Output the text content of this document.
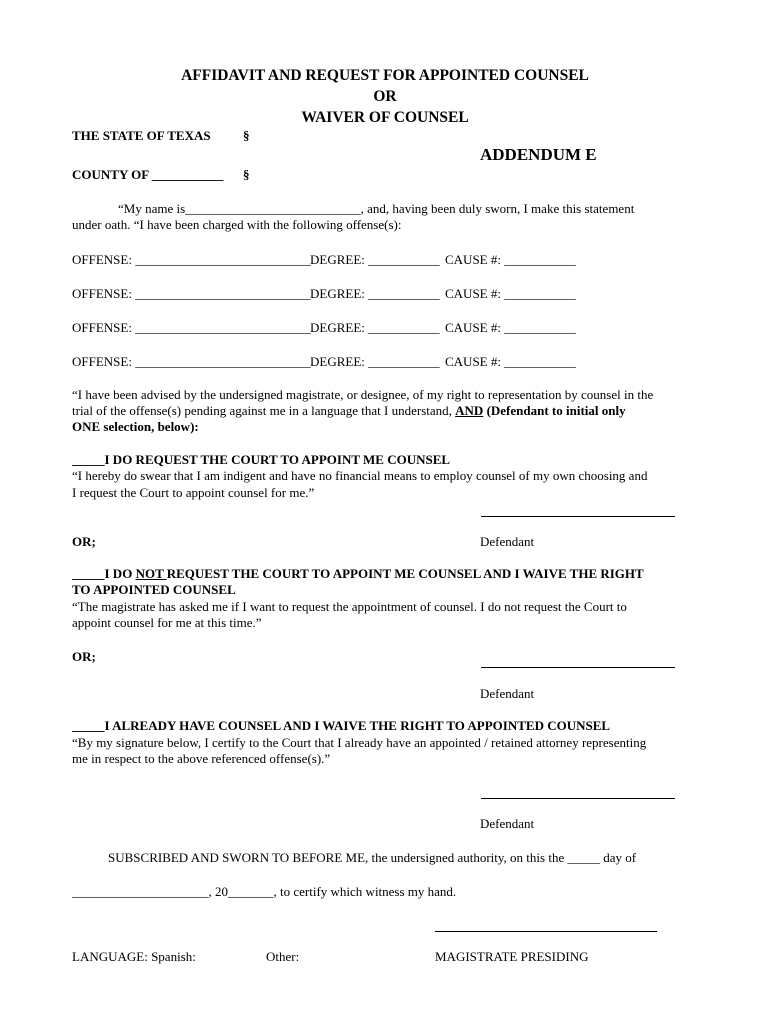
AFFIDAVIT AND REQUEST FOR APPOINTED COUNSEL
OR
WAIVER OF COUNSEL
THE STATE OF TEXAS §
ADDENDUM E
COUNTY OF ___________ §
“My name is___________________________, and, having been duly sworn, I make this statement
under oath. “I have been charged with the following offense(s):
OFFENSE: ___________________________ DEGREE: ___________ CAUSE #: ___________
OFFENSE: ___________________________ DEGREE: ___________ CAUSE #: ___________
OFFENSE: ___________________________ DEGREE: ___________ CAUSE #: ___________
OFFENSE: ___________________________ DEGREE: ___________ CAUSE #: ___________
“I have been advised by the undersigned magistrate, or designee, of my right to representation by counsel in the
trial of the offense(s) pending against me in a language that I understand, AND (Defendant to initial only
ONE selection, below):
_____I DO REQUEST THE COURT TO APPOINT ME COUNSEL
“I hereby do swear that I am indigent and have no financial means to employ counsel of my own choosing and
I request the Court to appoint counsel for me.”
OR;	Defendant
_____I DO NOT REQUEST THE COURT TO APPOINT ME COUNSEL AND I WAIVE THE RIGHT
TO APPOINTED COUNSEL
“The magistrate has asked me if I want to request the appointment of counsel. I do not request the Court to
appoint counsel for me at this time.”
OR;
Defendant
_____I ALREADY HAVE COUNSEL AND I WAIVE THE RIGHT TO APPOINTED COUNSEL
“By my signature below, I certify to the Court that I already have an appointed / retained attorney representing
me in respect to the above referenced offense(s).”
Defendant
SUBSCRIBED AND SWORN TO BEFORE ME, the undersigned authority, on this the _____ day of
_____________________, 20_______, to certify which witness my hand.
LANGUAGE: Spanish:	Other:	MAGISTRATE PRESIDING
